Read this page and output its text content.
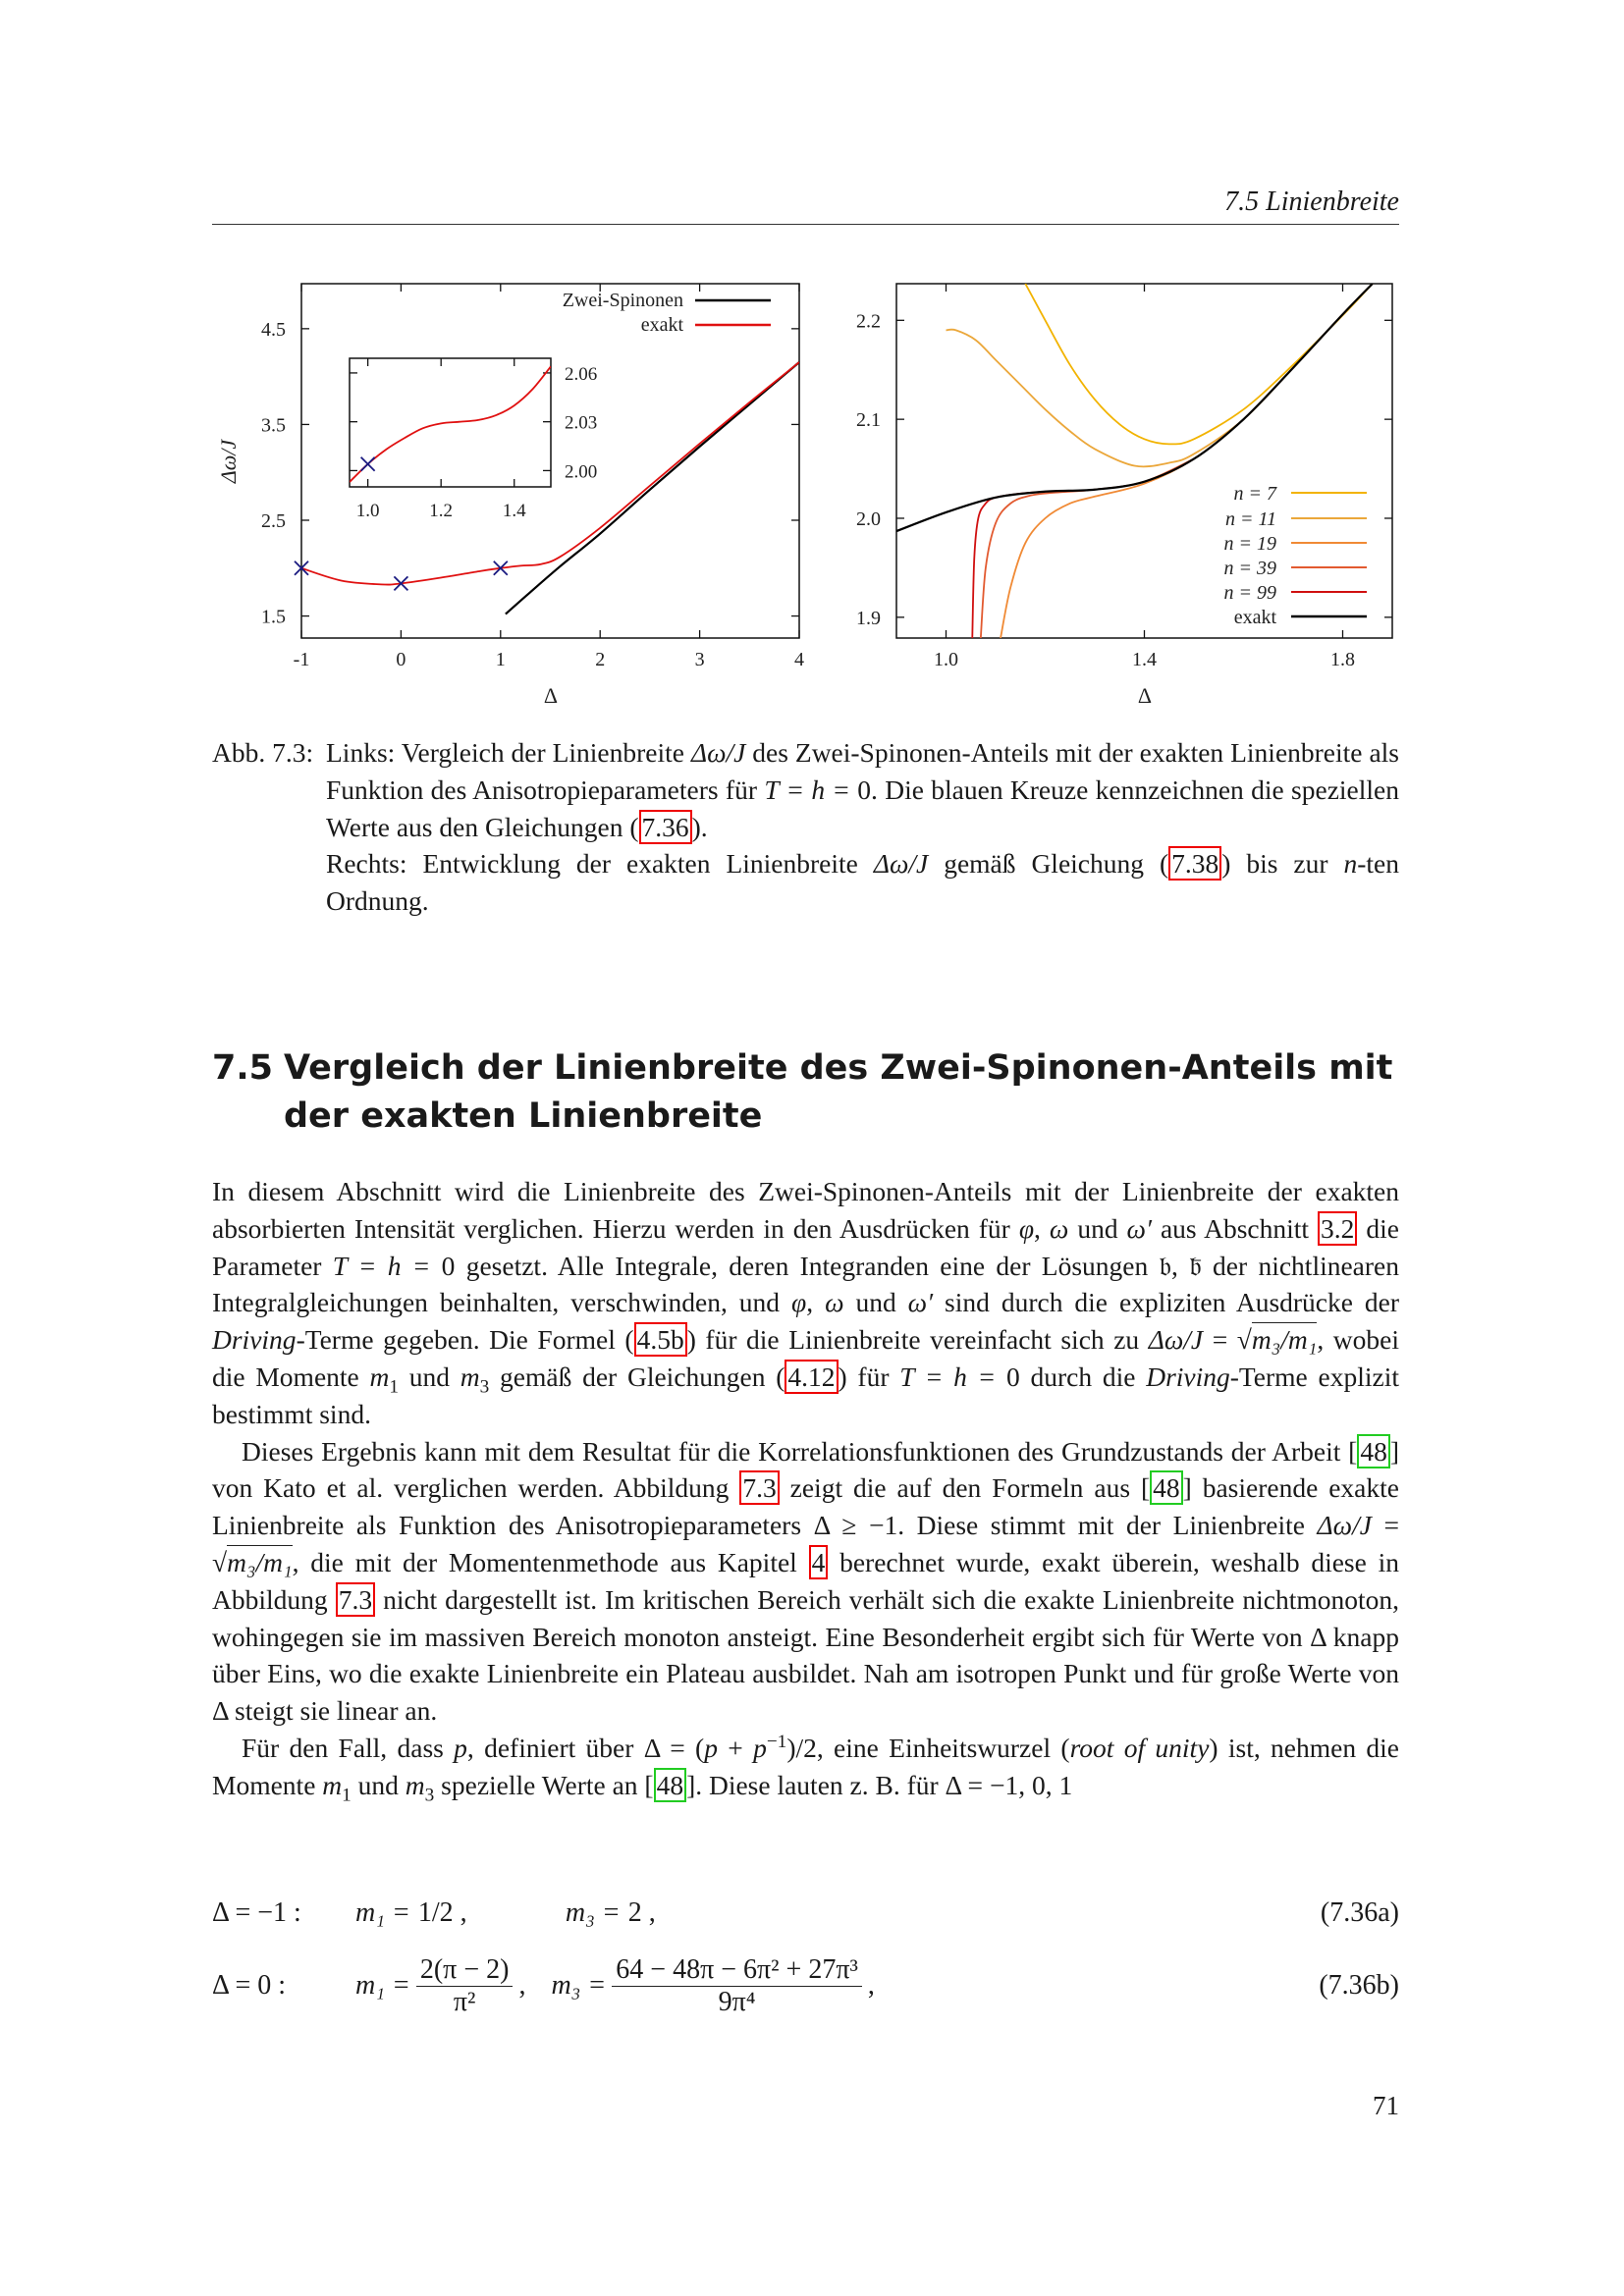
7.5 Linienbreite
-1	0	1	2	3	4
1.5
2.5
3.5
4.5
Δ
Δω/J
Zwei-Spinonen
exakt
1.0	1.2	1.4
2.00
2.03
2.06
1.0	1.4	1.8
1.9
2.0
2.1
2.2
Δ
n = 7
n = 11
n = 19
n = 39
n = 99
exakt
Abb. 7.3: Links: Vergleich der Linienbreite Δω/J des Zwei-Spinonen-Anteils mit der exakten Linienbreite als Funktion des Anisotropieparameters für T = h = 0. Die blauen Kreuze kennzeichnen die speziellen Werte aus den Gleichungen ( 7.36 ).
Rechts: Entwicklung der exakten Linienbreite Δω/J gemäß Gleichung ( 7.38 ) bis zur n-ten Ordnung.
7.5 Vergleich der Linienbreite des Zwei-Spinonen-Anteils mit der exakten Linienbreite

In diesem Abschnitt wird die Linienbreite des Zwei-Spinonen-Anteils mit der Linienbreite der exakten absorbierten Intensität verglichen. Hierzu werden in den Ausdrücken für φ, ω und ω′ aus Abschnitt 3.2 die Parameter T = h = 0 gesetzt. Alle Integrale, deren Integranden eine der Lösungen 𝔟, 𝔟̄ der nichtlinearen Integralgleichungen beinhalten, verschwinden, und φ, ω und ω′ sind durch die expliziten Ausdrücke der Driving-Terme gegeben. Die Formel ( 4.5b ) für die Linienbreite vereinfacht sich zu Δω/J = √m₃/m₁, wobei die Momente $m_1$ und $m_3$ gemäß der Gleichungen ( 4.12 ) für T = h = 0 durch die Driving-Terme explizit bestimmt sind.

Dieses Ergebnis kann mit dem Resultat für die Korrelationsfunktionen des Grundzustands der Arbeit [ 48 ] von Kato et al. verglichen werden. Abbildung 7.3 zeigt die auf den Formeln aus [ 48 ] basierende exakte Linienbreite als Funktion des Anisotropieparameters Δ ≥ −1. Diese stimmt mit der Linienbreite Δω/J = √m₃/m₁, die mit der Momentenmethode aus Kapitel 4 berechnet wurde, exakt überein, weshalb diese in Abbildung 7.3 nicht dargestellt ist. Im kritischen Bereich verhält sich die exakte Linienbreite nichtmonoton, wohingegen sie im massiven Bereich monoton ansteigt. Eine Besonderheit ergibt sich für Werte von Δ knapp über Eins, wo die exakte Linienbreite ein Plateau ausbildet. Nah am isotropen Punkt und für große Werte von Δ steigt sie linear an.

Für den Fall, dass p, definiert über $\Delta = (p + p^{-1})/2$, eine Einheitswurzel (root of unity) ist, nehmen die Momente $m_1$ und $m_3$ spezielle Werte an [ 48 ]. Diese lauten z. B. für Δ = −1, 0, 1

Δ = −1 :	m₁ = 1/2 ,	m₃ = 2 ,	(7.36a)
Δ = 0 :	$m_1 = \frac{2(\pi - 2)}{\text{π²}}$ , $m_3 = \frac{\text{64 − 48π − 6π² + 27π³}}{\text{9π⁴}}$ ,	(7.36b)
71
